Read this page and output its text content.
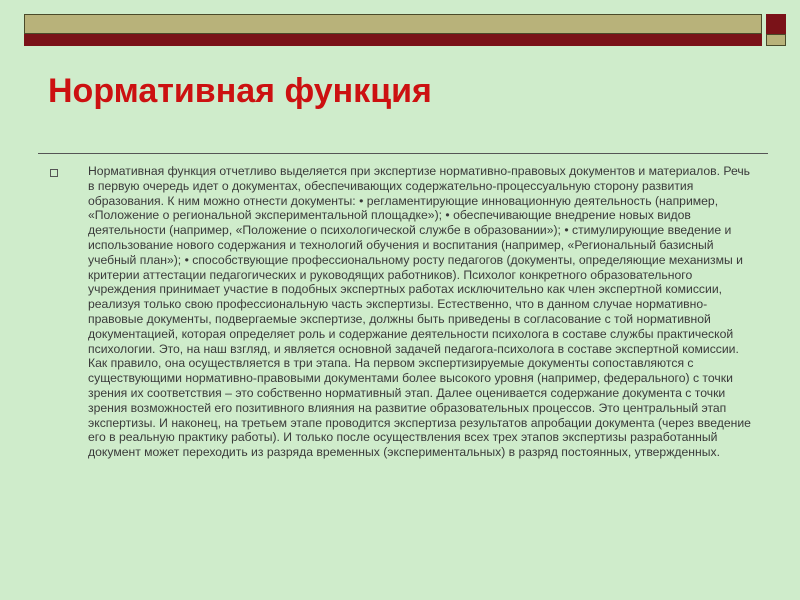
Нормативная функция

Нормативная функция отчетливо выделяется при экспертизе нормативно-правовых документов и материалов. Речь в первую очередь идет о документах, обеспечивающих содержательно-процессуальную сторону развития образования. К ним можно отнести документы: • регламентирующие инновационную деятельность (например, «Положение о региональной экспериментальной площадке»); • обеспечивающие внедрение новых видов деятельности (например, «Положение о психологической службе в образовании»); • стимулирующие введение и использование нового содержания и технологий обучения и воспитания (например, «Региональный базисный учебный план»); • способствующие профессиональному росту педагогов (документы, определяющие механизмы и критерии аттестации педагогических и руководящих работников). Психолог конкретного образовательного учреждения принимает участие в подобных экспертных работах исключительно как член экспертной комиссии, реализуя только свою профессиональную часть экспертизы. Естественно, что в данном случае нормативно-правовые документы, подвергаемые экспертизе, должны быть приведены в согласование с той нормативной документацией, которая определяет роль и содержание деятельности психолога в составе службы практической психологии. Это, на наш взгляд, и является основной задачей педагога-психолога в составе экспертной комиссии. Как правило, она осуществляется в три этапа. На первом экспертизируемые документы сопоставляются с существующими нормативно-правовыми документами более высокого уровня (например, федерального) с точки зрения их соответствия – это собственно нормативный этап. Далее оценивается содержание документа с точки зрения возможностей его позитивного влияния на развитие образовательных процессов. Это центральный этап экспертизы. И наконец, на третьем этапе проводится экспертиза результатов апробации документа (через введение его в реальную практику работы). И только после осуществления всех трех этапов экспертизы разработанный документ может переходить из разряда временных (экспериментальных) в разряд постоянных, утвержденных.
